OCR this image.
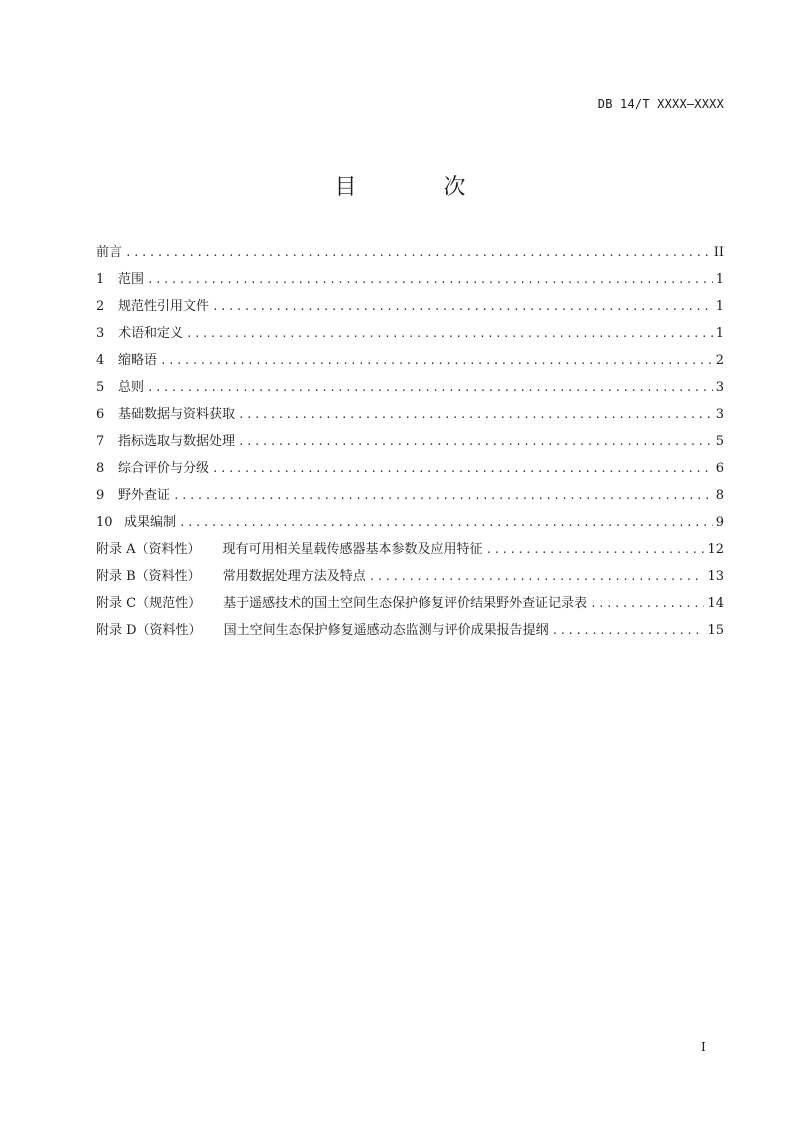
DB 14/T XXXX—XXXX
目 次
前言 .....	II
1 范围 .....	1
2 规范性引用文件 .....	1
3 术语和定义 .....	1
4 缩略语 .....	2
5 总则 .....	3
6 基础数据与资料获取 .....	3
7 指标选取与数据处理 .....	5
8 综合评价与分级 .....	6
9 野外查证 .....	8
10 成果编制 .....	9
附录 A（资料性） 现有可用相关星载传感器基本参数及应用特征 .....	12
附录 B（资料性） 常用数据处理方法及特点 .....	13
附录 C（规范性） 基于遥感技术的国土空间生态保护修复评价结果野外查证记录表 .....	14
附录 D（资料性） 国土空间生态保护修复遥感动态监测与评价成果报告提纲 .....	15
I
